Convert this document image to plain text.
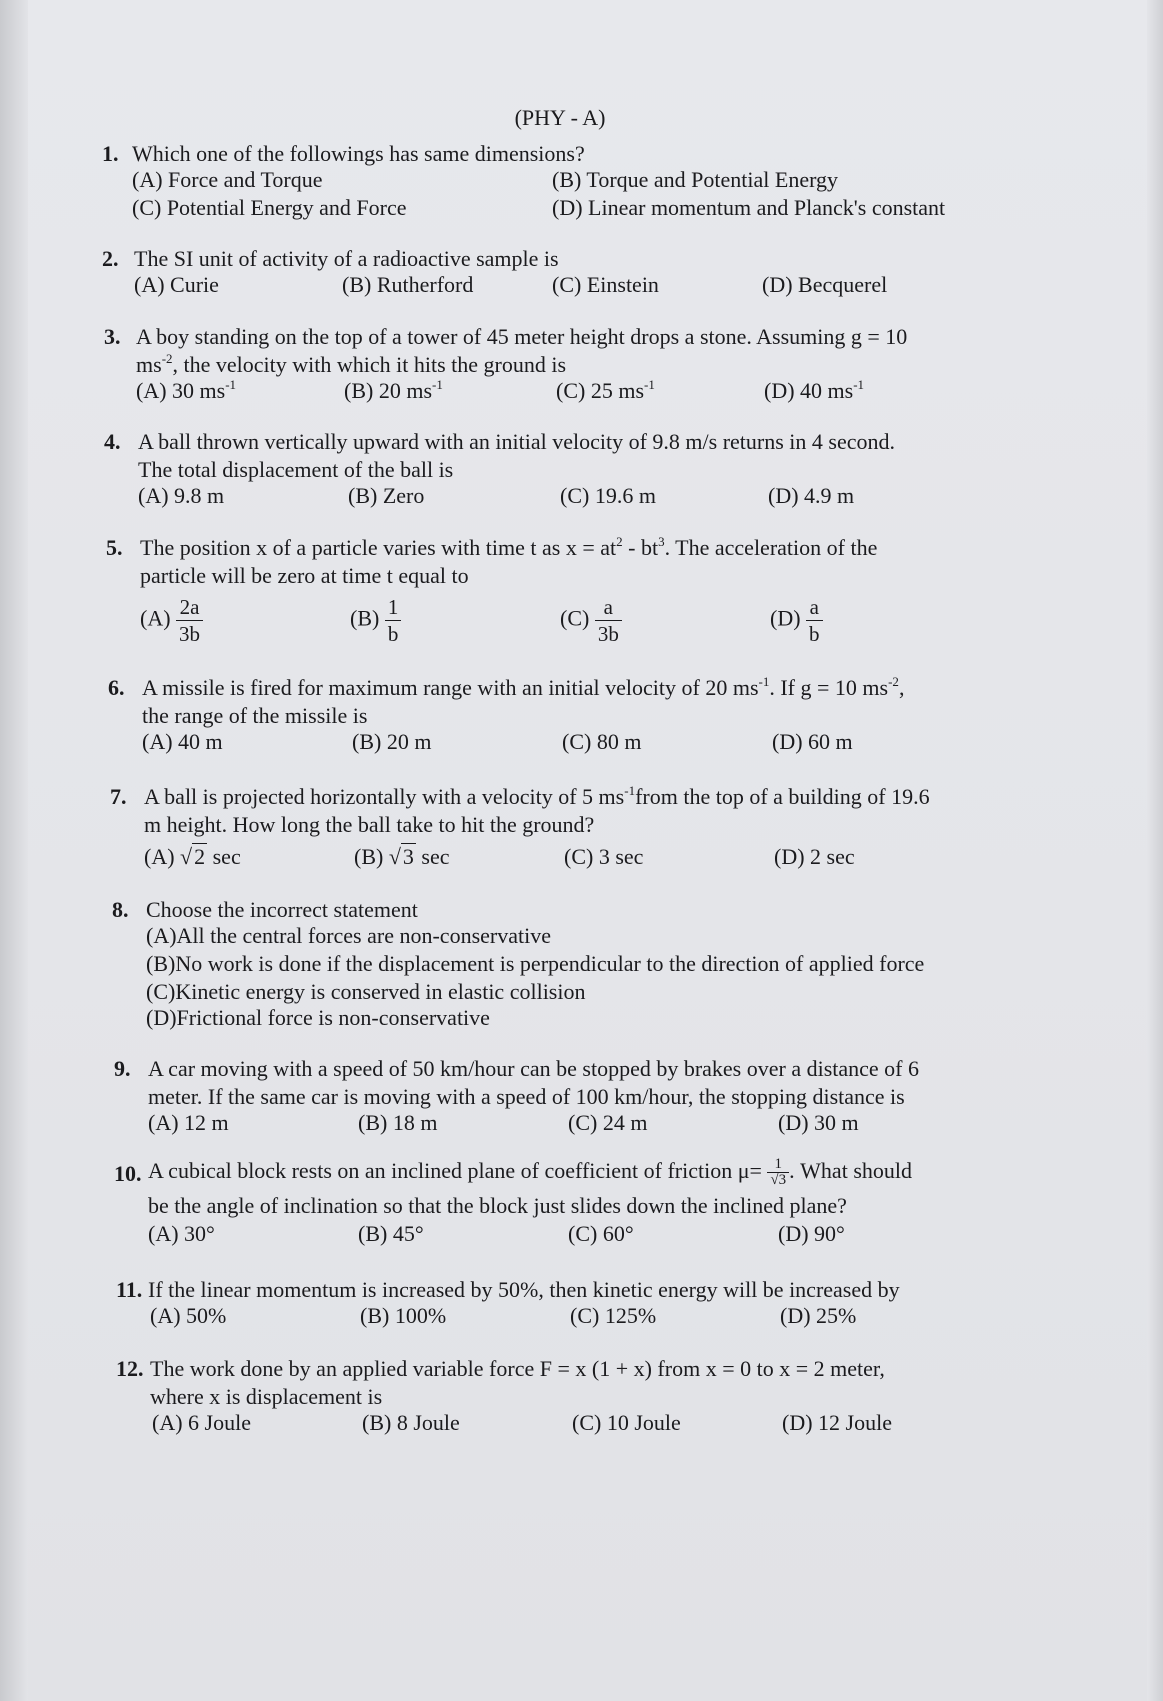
(PHY - A)
1. Which one of the followings has same dimensions?
(A) Force and Torque	(B) Torque and Potential Energy
(C) Potential Energy and Force	(D) Linear momentum and Planck's constant
2. The SI unit of activity of a radioactive sample is
(A) Curie	(B) Rutherford	(C) Einstein	(D) Becquerel
3. A boy standing on the top of a tower of 45 meter height drops a stone. Assuming g = 10
$ms^{-2}$, the velocity with which it hits the ground is
(A) 30 $ms^{-1}$	(B) 20 $ms^{-1}$	(C) 25 $ms^{-1}$	(D) 40 $ms^{-1}$
4. A ball thrown vertically upward with an initial velocity of 9.8 m/s returns in 4 second.
The total displacement of the ball is
(A) 9.8 m	(B) Zero	(C) 19.6 m	(D) 4.9 m
5. The position x of a particle varies with time t as $x = at^2 - bt^3$. The acceleration of the
particle will be zero at time t equal to
$(A) \frac{2a}{3b}$	$(B) \frac{1}{b}$	$(C) \frac{a}{3b}$	$(D) \frac{a}{b}$
6. A missile is fired for maximum range with an initial velocity of 20 $ms^{-1}$. If g = 10 $ms^{-2}$,
the range of the missile is
(A) 40 m	(B) 20 m	(C) 80 m	(D) 60 m
7. A ball is projected horizontally with a velocity of 5 $ms^{-1}from$ the top of a building of 19.6
m height. How long the ball take to hit the ground?
(A) √2 sec	(B) √3 sec	(C) 3 sec	(D) 2 sec
8. Choose the incorrect statement
(A)All the central forces are non-conservative
(B)No work is done if the displacement is perpendicular to the direction of applied force
(C)Kinetic energy is conserved in elastic collision
(D)Frictional force is non-conservative
9. A car moving with a speed of 50 km/hour can be stopped by brakes over a distance of 6
meter. If the same car is moving with a speed of 100 km/hour, the stopping distance is
(A) 12 m	(B) 18 m	(C) 24 m	(D) 30 m
10. A cubical block rests on an inclined plane of coefficient of friction $\mu= \frac{1}{√3}$ . What should
be the angle of inclination so that the block just slides down the inclined plane?
(A) 30°	(B) 45°	(C) 60°	(D) 90°
11. If the linear momentum is increased by 50%, then kinetic energy will be increased by
(A) 50%	(B) 100%	(C) 125%	(D) 25%
12. The work done by an applied variable force F = x (1 + x) from x = 0 to x = 2 meter,
where x is displacement is
(A) 6 Joule	(B) 8 Joule	(C) 10 Joule	(D) 12 Joule
